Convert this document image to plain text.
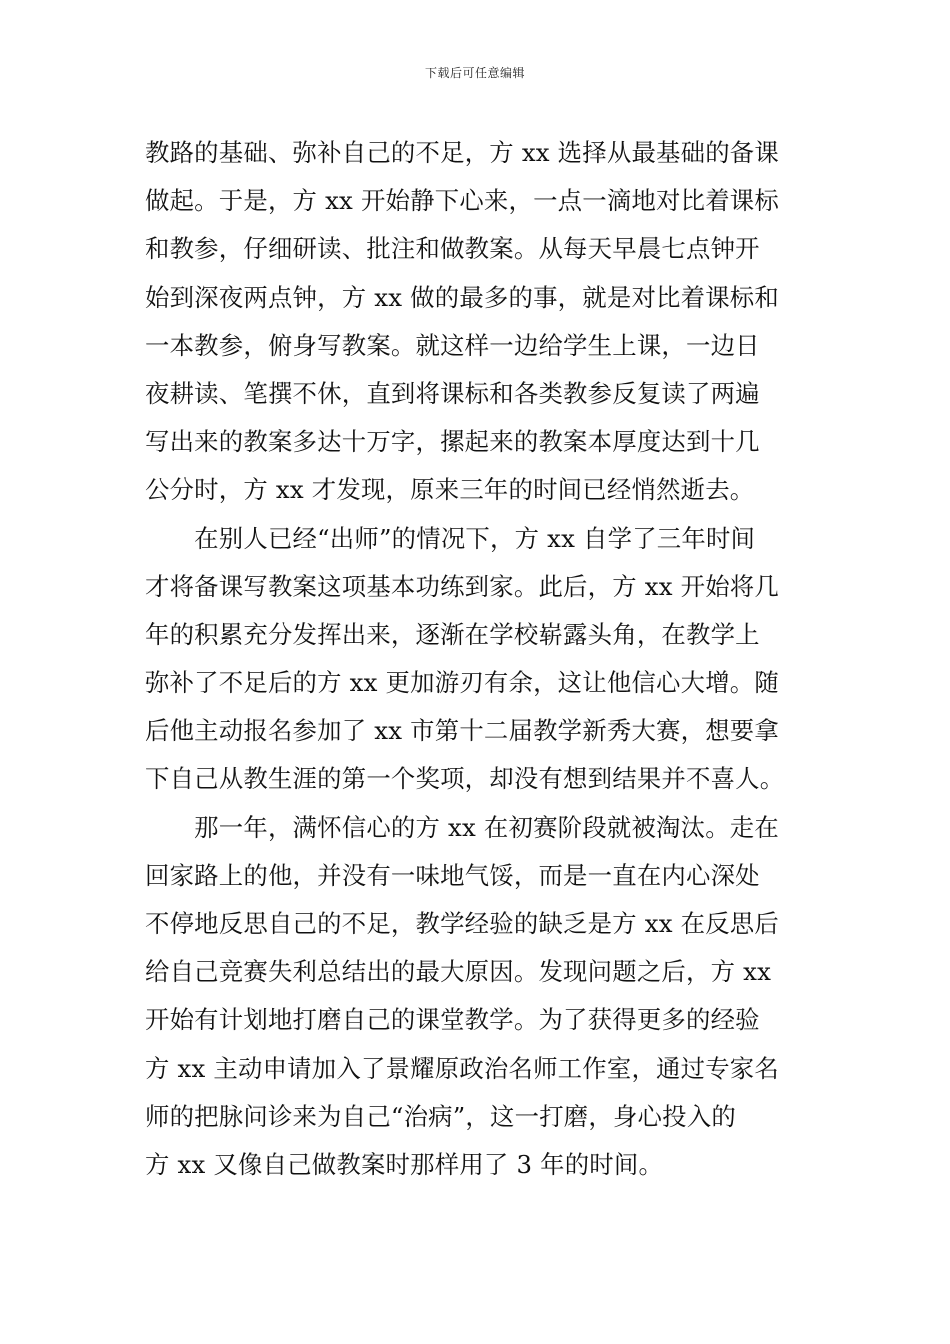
下载后可任意编辑
教路的基础、弥补自己的不足，方 xx 选择从最基础的备课
做起。于是，方 xx 开始静下心来，一点一滴地对比着课标
和教参，仔细研读、批注和做教案。从每天早晨七点钟开
始到深夜两点钟，方 xx 做的最多的事，就是对比着课标和
一本教参，俯身写教案。就这样一边给学生上课，一边日
夜耕读、笔撰不休，直到将课标和各类教参反复读了两遍
写出来的教案多达十万字，摞起来的教案本厚度达到十几
公分时，方 xx 才发现，原来三年的时间已经悄然逝去。
　　在别人已经“出师”的情况下，方 xx 自学了三年时间
才将备课写教案这项基本功练到家。此后，方 xx 开始将几
年的积累充分发挥出来，逐渐在学校崭露头角，在教学上
弥补了不足后的方 xx 更加游刃有余，这让他信心大增。随
后他主动报名参加了 xx 市第十二届教学新秀大赛，想要拿
下自己从教生涯的第一个奖项，却没有想到结果并不喜人。
　　那一年，满怀信心的方 xx 在初赛阶段就被淘汰。走在
回家路上的他，并没有一味地气馁，而是一直在内心深处
不停地反思自己的不足，教学经验的缺乏是方 xx 在反思后
给自己竞赛失利总结出的最大原因。发现问题之后，方 xx
开始有计划地打磨自己的课堂教学。为了获得更多的经验
方 xx 主动申请加入了景耀原政治名师工作室，通过专家名
师的把脉问诊来为自己“治病”，这一打磨，身心投入的
方 xx 又像自己做教案时那样用了 3 年的时间。
